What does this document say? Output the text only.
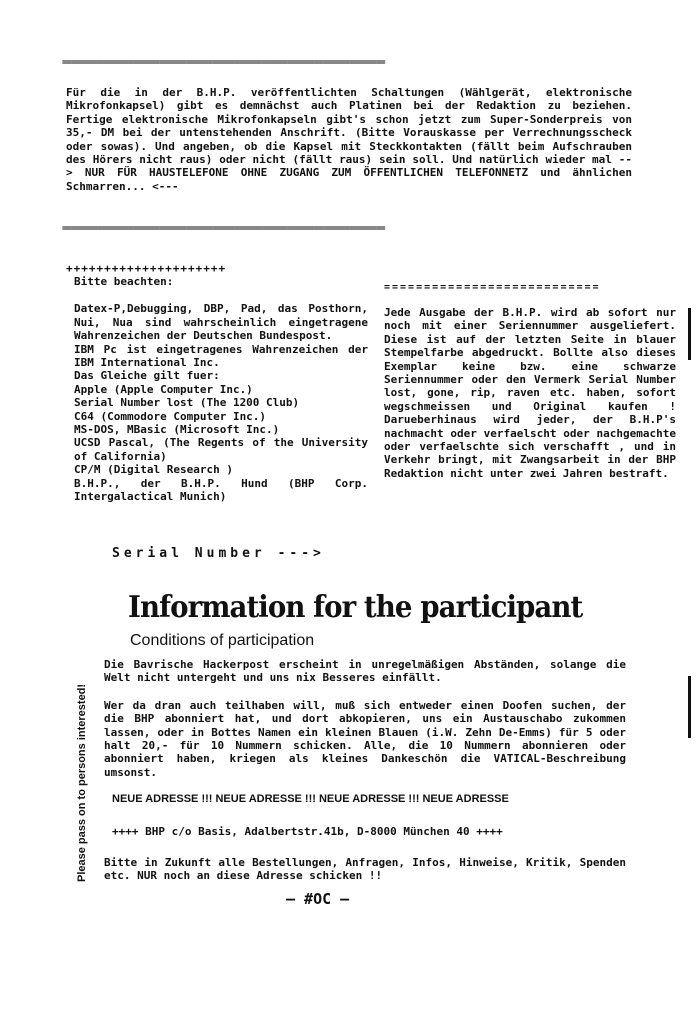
=========================================================================
Für die in der B.H.P. veröffentlichten Schaltungen (Wählgerät, elektronische Mikrofonkapsel) gibt es demnächst auch Platinen bei der Redaktion zu beziehen. Fertige elektronische Mikrofonkapseln gibt's schon jetzt zum Super-Sonderpreis von 35,- DM bei der untenstehenden Anschrift. (Bitte Vorauskasse per Verrechnungsscheck oder sowas). Und angeben, ob die Kapsel mit Steckkontakten (fällt beim Aufschrauben des Hörers nicht raus) oder nicht (fällt raus) sein soll. Und natürlich wieder mal --> NUR FÜR HAUSTELEFONE OHNE ZUGANG ZUM ÖFFENTLICHEN TELEFONNETZ und ähnlichen Schmarren... <---
=========================================================================
+++++++++++++++++++++
Bitte beachten:
Datex-P,Debugging, DBP, Pad, das Posthorn, Nui, Nua sind wahrscheinlich eingetragene Wahrenzeichen der Deutschen Bundespost.
IBM Pc ist eingetragenes Wahrenzeichen der IBM International Inc.
Das Gleiche gilt fuer:
Apple (Apple Computer Inc.)
Serial Number lost (The 1200 Club)
C64 (Commodore Computer Inc.)
MS-DOS, MBasic (Microsoft Inc.)
UCSD Pascal, (The Regents of the University of California)
CP/M (Digital Research )
B.H.P., der B.H.P. Hund (BHP Corp. Intergalactical Munich)
===========================
Jede Ausgabe der B.H.P. wird ab sofort nur noch mit einer Seriennummer ausgeliefert. Diese ist auf der letzten Seite in blauer Stempelfarbe abgedruckt. Bollte also dieses Exemplar keine bzw. eine schwarze Seriennummer oder den Vermerk Serial Number lost, gone, rip, raven etc. haben, sofort wegschmeissen und Original kaufen ! Darueberhinaus wird jeder, der B.H.P's nachmacht oder verfaelscht oder nachgemachte oder verfaelschte sich verschafft , und in Verkehr bringt, mit Zwangsarbeit in der BHP Redaktion nicht unter zwei Jahren bestraft.
Serial Number --->
Information for the participant
Conditions of participation
Please pass on to persons interested!
Die Bavrische Hackerpost erscheint in unregelmäßigen Abständen, solange die Welt nicht untergeht und uns nix Besseres einfällt.
Wer da dran auch teilhaben will, muß sich entweder einen Doofen suchen, der die BHP abonniert hat, und dort abkopieren, uns ein Austauschabo zukommen lassen, oder in Bottes Namen ein kleinen Blauen (i.W. Zehn De-Emms) für 5 oder halt 20,- für 10 Nummern schicken. Alle, die 10 Nummern abonnieren oder abonniert haben, kriegen als kleines Dankeschön die VATICAL-Beschreibung umsonst.
NEUE ADRESSE !!! NEUE ADRESSE !!! NEUE ADRESSE !!! NEUE ADRESSE
++++ BHP c/o Basis, Adalbertstr.41b, D-8000 München 40 ++++
Bitte in Zukunft alle Bestellungen, Anfragen, Infos, Hinweise, Kritik, Spenden etc. NUR noch an diese Adresse schicken !!
— #OC —
